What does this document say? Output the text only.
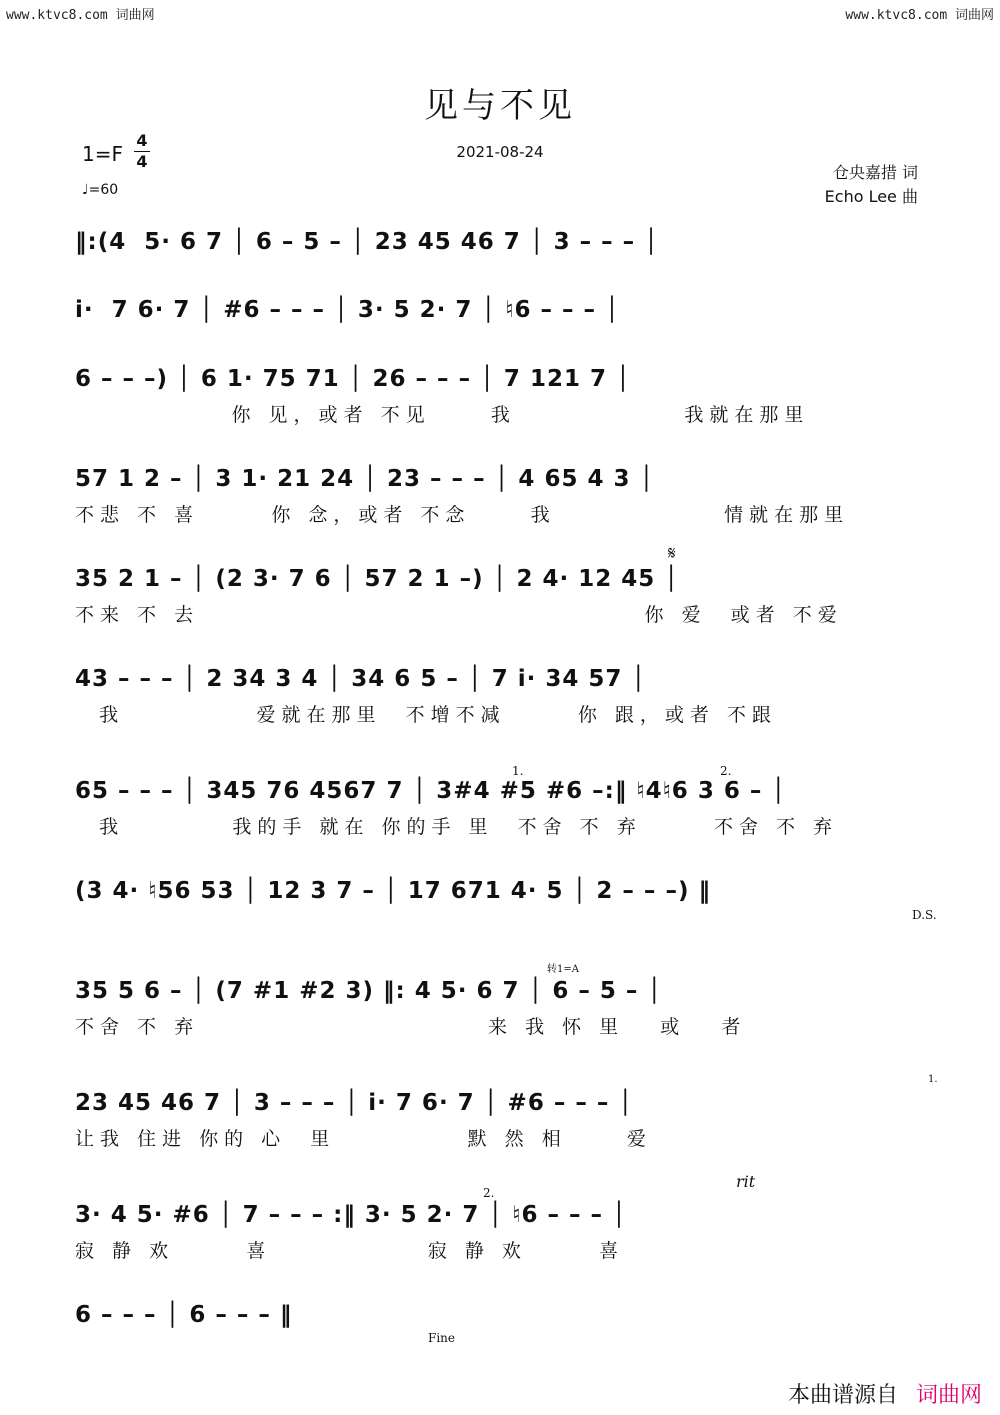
www.ktvc8.com 词曲网	www.ktvc8.com 词曲网
见与不见
2021-08-24
1=F
4
4
♩=60
仓央嘉措 词
Echo Lee 曲
‖:(4  5· 6 7 │ 6 – 5 – │ 23 45 46 7 │ 3 – – – │
i·  7 6· 7 │ #6 – – – │ 3· 5 2· 7 │ ♮6 – – – │
6 – – –) │ 6 1· 75 71 │ 26 – – – │ 7 121 7 │
你 见，或者 不见     我              我就在那里
57 1 2 – │ 3 1· 21 24 │ 23 – – – │ 4 65 4 3 │
不悲 不 喜      你 念，或者 不念     我              情就在那里
𝄋
35 2 1 – │ (2 3· 7 6 │ 57 2 1 –) │ 2 4· 12 45 │
不来 不 去                                     你 爱  或者 不爱
43 – – – │ 2 34 3 4 │ 34 6 5 – │ 7 i· 34 57 │
我           爱就在那里  不增不减      你 跟，或者 不跟
1.	2.
65 – – – │ 345 76 4567 7 │ 3#4 #5 #6 –:‖ ♮4♮6 3 6 – │
我         我的手 就在 你的手 里  不舍 不 弃      不舍 不 弃
(3 4· ♮56 53 │ 12 3 7 – │ 17 671 4· 5 │ 2 – – –) ‖
D.S.
转1=A
35 5 6 – │ (7 #1 #2 3) ‖: 4 5· 6 7 │ 6 – 5 – │
不舍 不 弃                        来 我 怀 里   或   者
1.
23 45 46 7 │ 3 – – – │ i· 7 6· 7 │ #6 – – – │
让我 住进 你的 心  里           默 然 相     爱
2.
rit
3· 4 5· #6 │ 7 – – – :‖ 3· 5 2· 7 │ ♮6 – – – │
寂 静 欢      喜             寂 静 欢      喜
6 – – – │ 6 – – – ‖
Fine
本曲谱源自 词曲网
